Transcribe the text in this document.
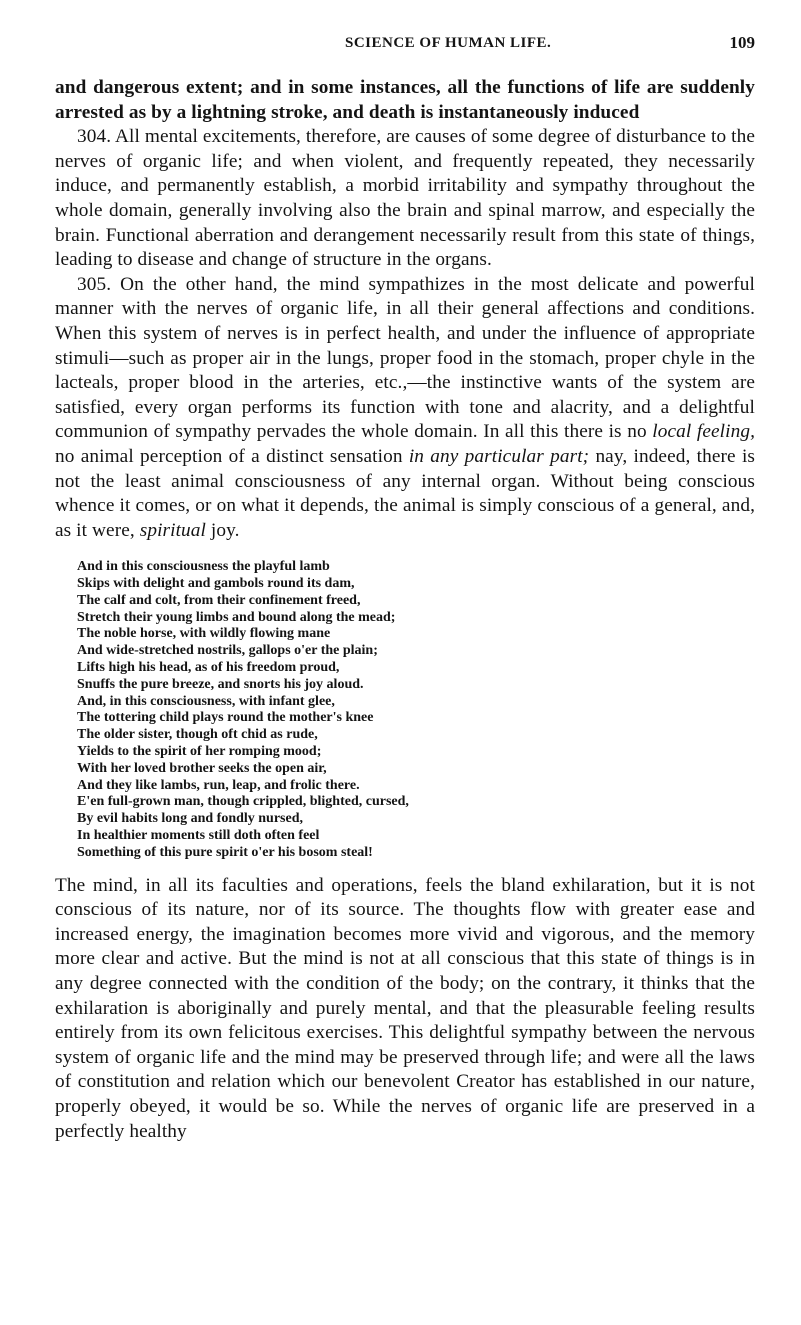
SCIENCE OF HUMAN LIFE.	109

and dangerous extent; and in some instances, all the functions of life are suddenly arrested as by a lightning stroke, and death is instantaneously induced

304. All mental excitements, therefore, are causes of some degree of disturbance to the nerves of organic life; and when violent, and frequently repeated, they necessarily induce, and permanently establish, a morbid irritability and sympathy throughout the whole domain, generally involving also the brain and spinal marrow, and especially the brain. Functional aberration and derangement necessarily result from this state of things, leading to disease and change of structure in the organs.

305. On the other hand, the mind sympathizes in the most delicate and powerful manner with the nerves of organic life, in all their general affections and conditions. When this system of nerves is in perfect health, and under the influence of appropriate stimuli—such as proper air in the lungs, proper food in the stomach, proper chyle in the lacteals, proper blood in the arteries, etc.,—the instinctive wants of the system are satisfied, every organ performs its function with tone and alacrity, and a delightful communion of sympathy pervades the whole domain. In all this there is no local feeling, no animal perception of a distinct sensation in any particular part; nay, indeed, there is not the least animal consciousness of any internal organ. Without being conscious whence it comes, or on what it depends, the animal is simply conscious of a general, and, as it were, spiritual joy.

And in this consciousness the playful lamb
Skips with delight and gambols round its dam,
The calf and colt, from their confinement freed,
Stretch their young limbs and bound along the mead;
The noble horse, with wildly flowing mane
And wide-stretched nostrils, gallops o'er the plain;
Lifts high his head, as of his freedom proud,
Snuffs the pure breeze, and snorts his joy aloud.
And, in this consciousness, with infant glee,
The tottering child plays round the mother's knee
The older sister, though oft chid as rude,
Yields to the spirit of her romping mood;
With her loved brother seeks the open air,
And they like lambs, run, leap, and frolic there.
E'en full-grown man, though crippled, blighted, cursed,
By evil habits long and fondly nursed,
In healthier moments still doth often feel
Something of this pure spirit o'er his bosom steal!

The mind, in all its faculties and operations, feels the bland exhilaration, but it is not conscious of its nature, nor of its source. The thoughts flow with greater ease and increased energy, the imagination becomes more vivid and vigorous, and the memory more clear and active. But the mind is not at all conscious that this state of things is in any degree connected with the condition of the body; on the contrary, it thinks that the exhilaration is aboriginally and purely mental, and that the pleasurable feeling results entirely from its own felicitous exercises. This delightful sympathy between the nervous system of organic life and the mind may be preserved through life; and were all the laws of constitution and relation which our benevolent Creator has established in our nature, properly obeyed, it would be so. While the nerves of organic life are preserved in a perfectly healthy
